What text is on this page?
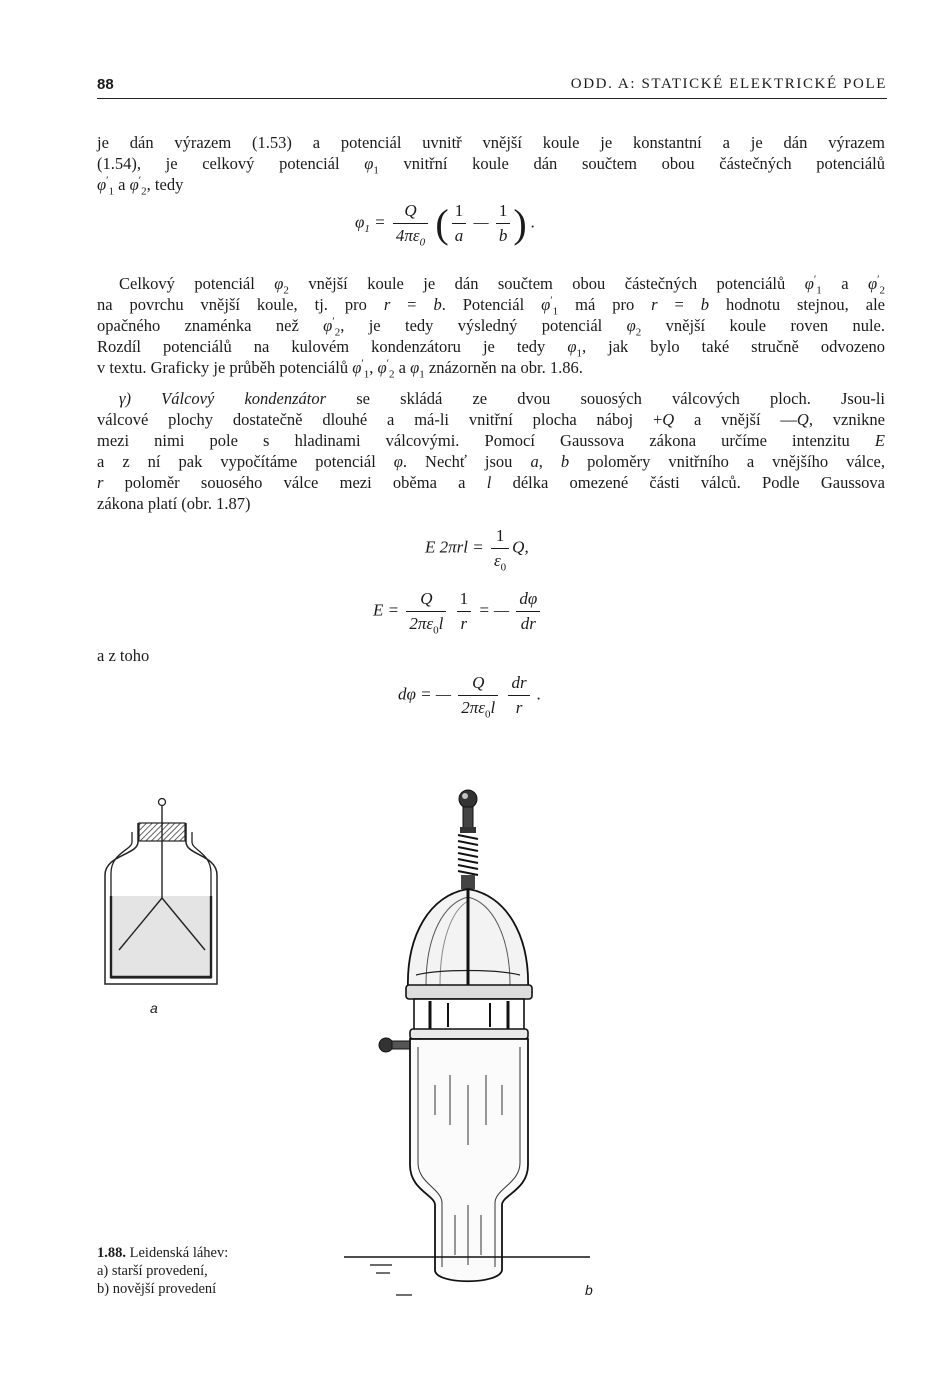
88	ODD. A: STATICKÉ ELEKTRICKÉ POLE
je dán výrazem (1.53) a potenciál uvnitř vnější koule je konstantní a je dán výrazem
(1.54), je celkový potenciál $\varphi_1$ vnitřní koule dán součtem obou částečných potenciálů
$\varphi'_1$ a $\varphi'_2$, tedy
$\varphi_1 = \frac{Q}{4\pi\varepsilon_0}$ ( $\frac{1}{a}$ — $\frac{1}{b}$ ) .
Celkový potenciál $\varphi_2$ vnější koule je dán součtem obou částečných potenciálů $\varphi'_1$ a $\varphi'_2$
na povrchu vnější koule, tj. pro r = b. Potenciál $\varphi'_1$ má pro r = b hodnotu stejnou, ale
opačného znaménka než $\varphi'_2$, je tedy výsledný potenciál $\varphi_2$ vnější koule roven nule.
Rozdíl potenciálů na kulovém kondenzátoru je tedy $\varphi_1$, jak bylo také stručně odvozeno
v textu. Graficky je průběh potenciálů $\varphi'_1$, $\varphi'_2$ a $\varphi_1$ znázorněn na obr. 1.86.
γ) Válcový kondenzátor se skládá ze dvou souosých válcových ploch. Jsou-li
válcové plochy dostatečně dlouhé a má-li vnitřní plocha náboj +Q a vnější —Q, vznikne
mezi nimi pole s hladinami válcovými. Pomocí Gaussova zákona určíme intenzitu E
a z ní pak vypočítáme potenciál φ. Nechť jsou a, b poloměry vnitřního a vnějšího válce,
r poloměr souosého válce mezi oběma a l délka omezené části válců. Podle Gaussova
zákona platí (obr. 1.87)
E $2\pi rl = \frac{1}{\varepsilon_0} Q$,
$E = \frac{Q}{2\pi\varepsilon_0l}$
$\frac{1}{r}$ = — $\frac{d\varphi}{dr}$
a z toho
dφ = — $\frac{Q}{2\pi\varepsilon_0l}$
$\frac{dr}{r}$ .
a
b
1.88. Leidenská láhev:
a) starší provedení,
b) novější provedení
